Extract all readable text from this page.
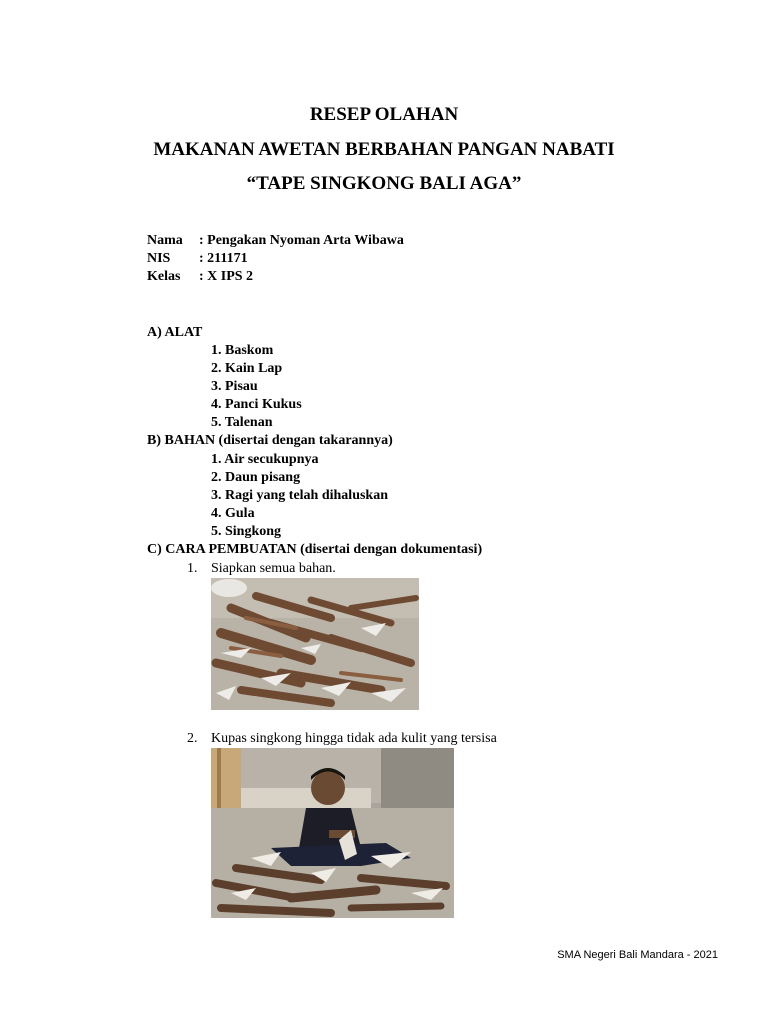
RESEP OLAHAN
MAKANAN AWETAN BERBAHAN PANGAN NABATI
“TAPE SINGKONG BALI AGA”
Nama : Pengakan Nyoman Arta Wibawa
NIS : 211171
Kelas : X IPS 2
A) ALAT
1. Baskom
2. Kain Lap
3. Pisau
4. Panci Kukus
5. Talenan
B) BAHAN (disertai dengan takarannya)
1. Air secukupnya
2. Daun pisang
3. Ragi yang telah dihaluskan
4. Gula
5. Singkong
C) CARA PEMBUATAN (disertai dengan dokumentasi)
1. Siapkan semua bahan.
2. Kupas singkong hingga tidak ada kulit yang tersisa
SMA Negeri Bali Mandara - 2021
